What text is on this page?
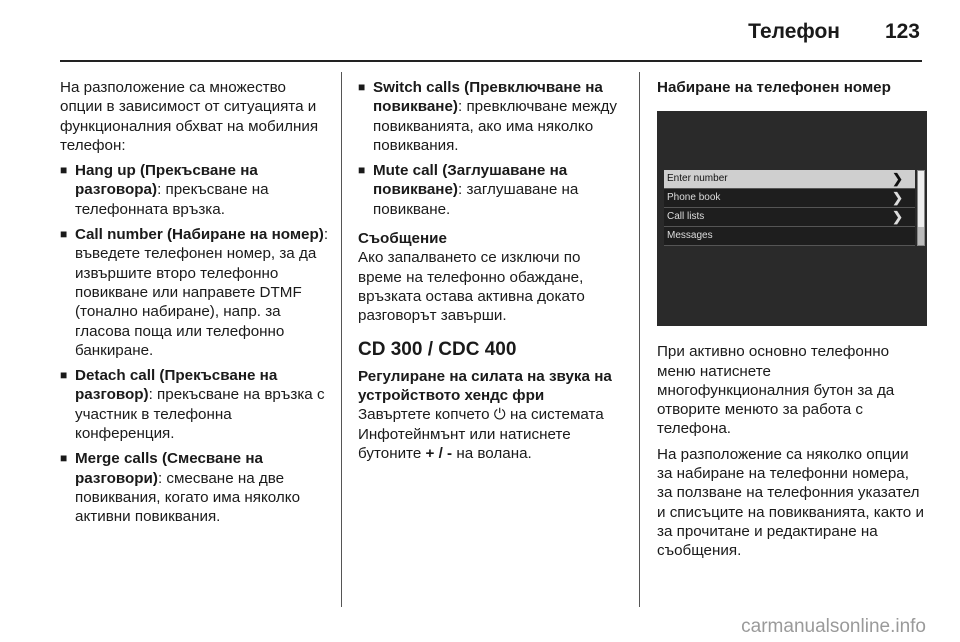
Телефон 123

На разположение са множество опции в зависимост от ситуацията и функционалния обхват на мобилния телефон:

■ Hang up (Прекъсване на разговора): прекъсване на телефонната връзка.
■ Call number (Набиране на номер): въведете телефонен номер, за да извършите второ телефонно повикване или направете DTMF (тонално набиране), напр. за гласова поща или телефонно банкиране.
■ Detach call (Прекъсване на разговор): прекъсване на връзка с участник в телефонна конференция.
■ Merge calls (Смесване на разговори): смесване на две повиквания, когато има няколко активни повиквания.
■ Switch calls (Превключване на повикване): превключване между повикванията, ако има няколко повиквания.
■ Mute call (Заглушаване на повикване): заглушаване на повикване.
Съобщение

Ако запалването се изключи по време на телефонно обаждане, връзката остава активна докато разговорът завърши.

CD 300 / CDC 400
Регулиране на силата на звука на устройството хендс фри

Завъртете копчето ⏻ на системата Инфотейнмънт или натиснете бутоните + / - на волана.

Набиране на телефонен номер
Enter number	❯
Phone book	❯
Call lists	❯
Messages

При активно основно телефонно меню натиснете многофункционалния бутон за да отворите менюто за работа с телефона.

На разположение са няколко опции за набиране на телефонни номера, за ползване на телефонния указател и списъците на повикванията, както и за прочитане и редактиране на съобщения.

carmanualsonline.info
